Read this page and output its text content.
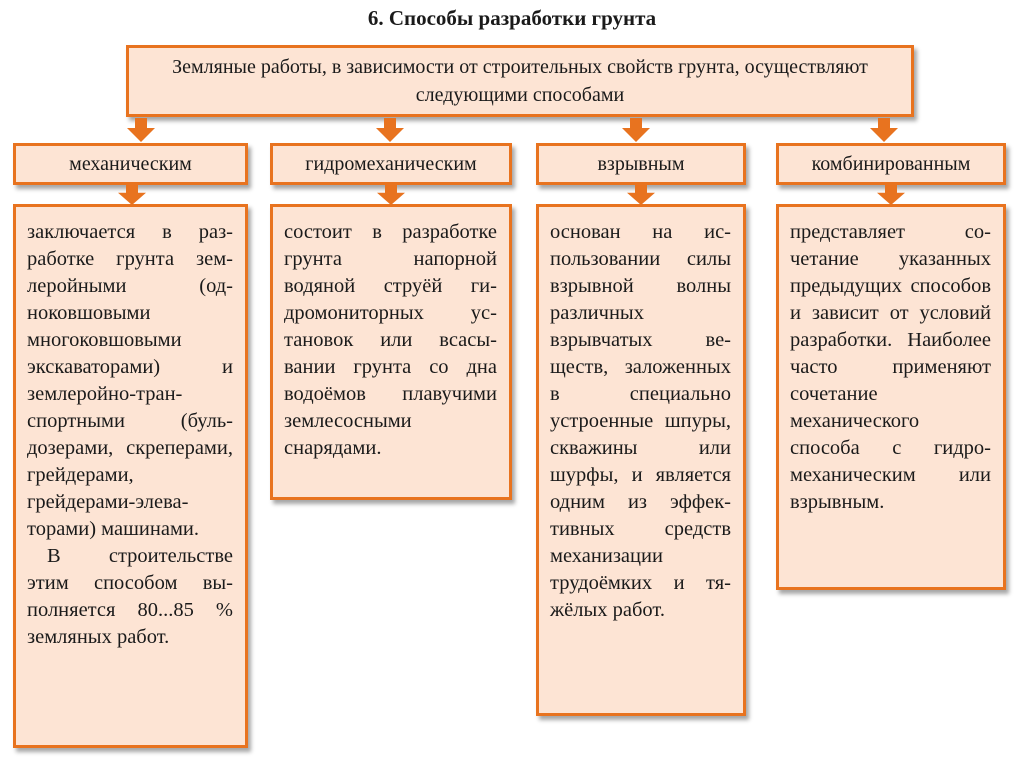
6. Способы разработки грунта
Земляные работы, в зависимости от строительных свойств грунта, осуществляют следующими способами
механическим	гидромеханическим	взрывным	комбинированным

заключается в разработке грунта землеройными (одноковшовыми многоковшовыми экскаваторами) и землеройно-транспортными (бульдозерами, скреперами, грейдерами, грейдерами-элеваторами) машинами.

В строительстве этим способом выполняется 80...85 % земляных работ.

состоит в разработке грунта напорной водяной струёй гидромониторных установок или всасывании грунта со дна водоёмов плавучими землесосными снарядами.

основан на использовании силы взрывной волны различных взрывчатых веществ, заложенных в специально устроенные шпуры, скважины или шурфы, и является одним из эффективных средств механизации трудоёмких и тяжёлых работ.

представляет сочетание указанных предыдущих способов и зависит от условий разработки. Наиболее часто применяют сочетание механического способа с гидромеханическим или взрывным.
